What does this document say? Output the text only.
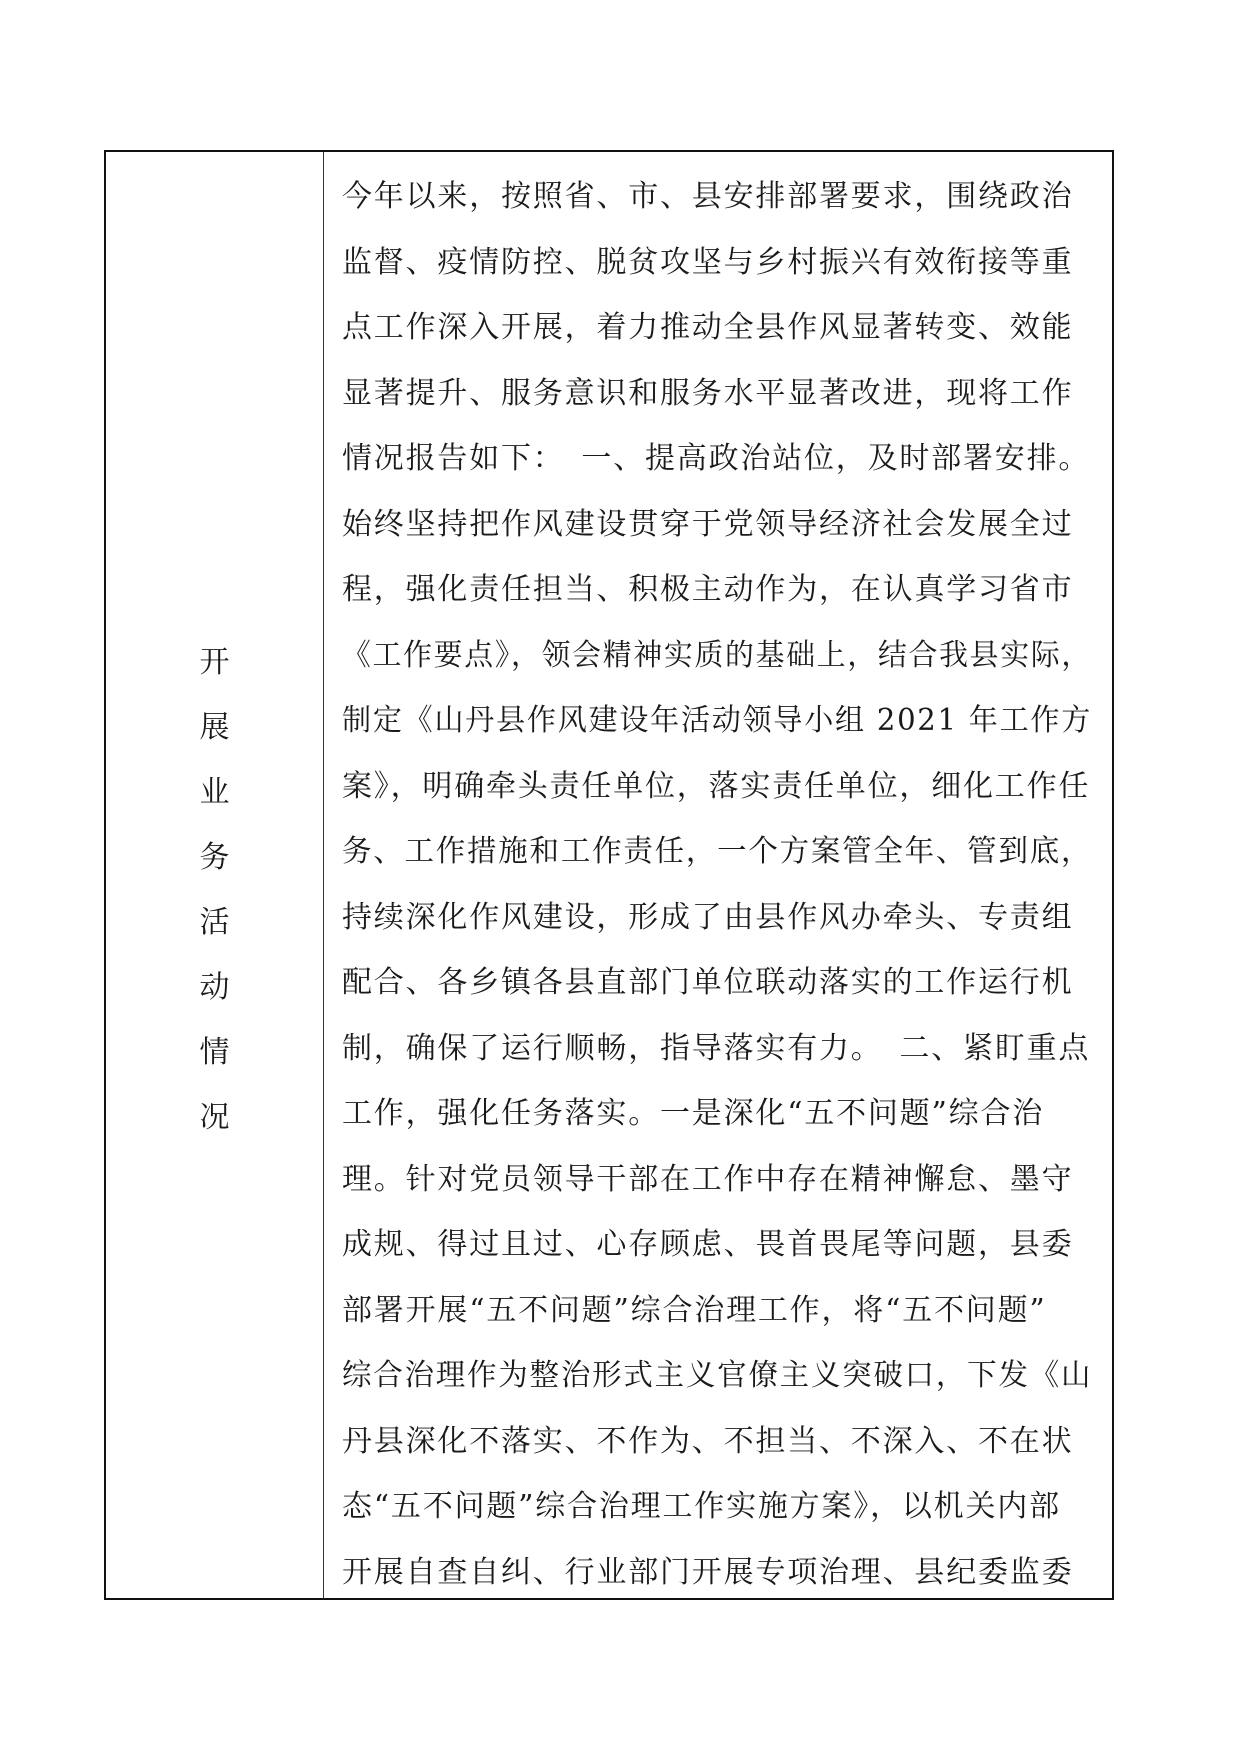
开
展
业
务
活
动
情
况

今年以来，按照省、市、县安排部署要求，围绕政治
监督、疫情防控、脱贫攻坚与乡村振兴有效衔接等重
点工作深入开展，着力推动全县作风显著转变、效能
显著提升、服务意识和服务水平显著改进，现将工作
情况报告如下：　一、提高政治站位，及时部署安排。
始终坚持把作风建设贯穿于党领导经济社会发展全过
程，强化责任担当、积极主动作为，在认真学习省市
《工作要点》，领会精神实质的基础上，结合我县实际，
制定《山丹县作风建设年活动领导小组 2021 年工作方
案》，明确牵头责任单位，落实责任单位，细化工作任
务、工作措施和工作责任，一个方案管全年、管到底，
持续深化作风建设，形成了由县作风办牵头、专责组
配合、各乡镇各县直部门单位联动落实的工作运行机
制，确保了运行顺畅，指导落实有力。　二、紧盯重点
工作，强化任务落实。一是深化“五不问题”综合治
理。针对党员领导干部在工作中存在精神懈怠、墨守
成规、得过且过、心存顾虑、畏首畏尾等问题，县委
部署开展“五不问题”综合治理工作，将“五不问题”
综合治理作为整治形式主义官僚主义突破口，下发《山
丹县深化不落实、不作为、不担当、不深入、不在状
态“五不问题”综合治理工作实施方案》，以机关内部
开展自查自纠、行业部门开展专项治理、县纪委监委
